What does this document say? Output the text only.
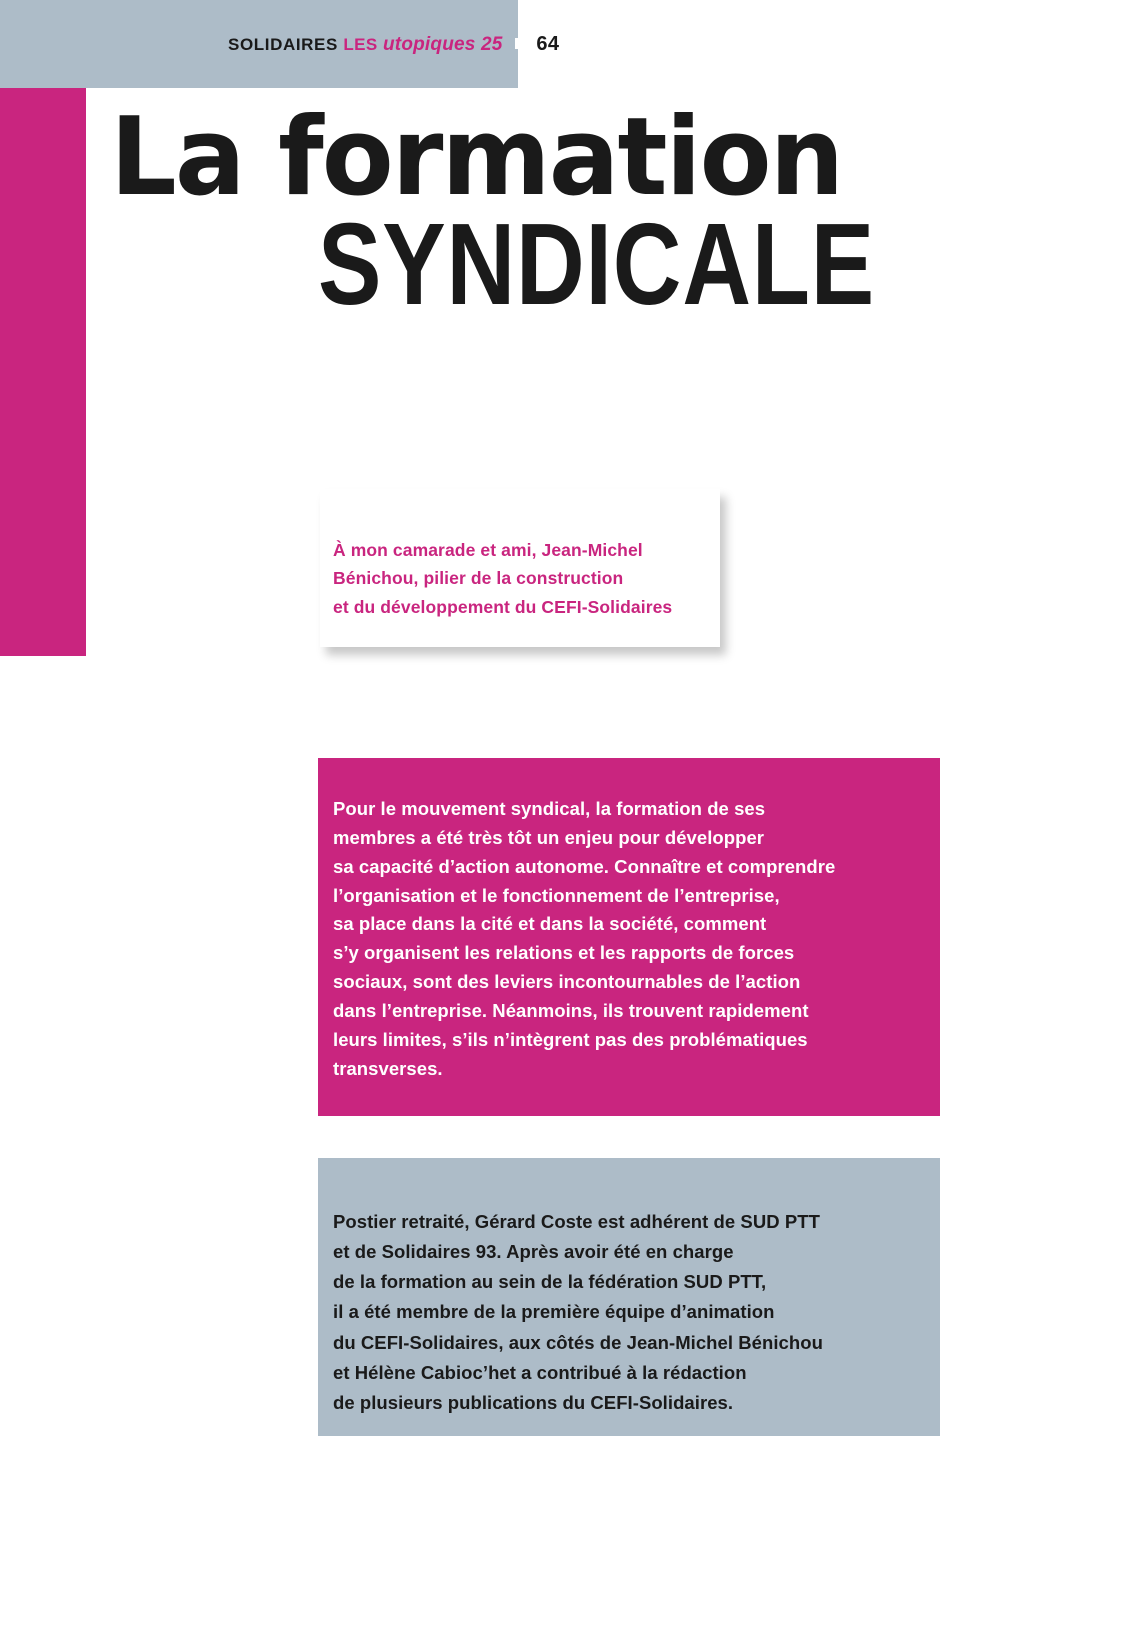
SOLIDAIRES LES utopiques 25 64
La formation
SYNDICALE
À mon camarade et ami, Jean-Michel
Bénichou, pilier de la construction
et du développement du CEFI-Solidaires
Pour le mouvement syndical, la formation de ses
membres a été très tôt un enjeu pour développer
sa capacité d’action autonome. Connaître et comprendre
l’organisation et le fonctionnement de l’entreprise,
sa place dans la cité et dans la société, comment
s’y organisent les relations et les rapports de forces
sociaux, sont des leviers incontournables de l’action
dans l’entreprise. Néanmoins, ils trouvent rapidement
leurs limites, s’ils n’intègrent pas des problématiques
transverses.
Postier retraité, Gérard Coste est adhérent de SUD PTT
et de Solidaires 93. Après avoir été en charge
de la formation au sein de la fédération SUD PTT,
il a été membre de la première équipe d’animation
du CEFI-Solidaires, aux côtés de Jean-Michel Bénichou
et Hélène Cabioc’het a contribué à la rédaction
de plusieurs publications du CEFI-Solidaires.
